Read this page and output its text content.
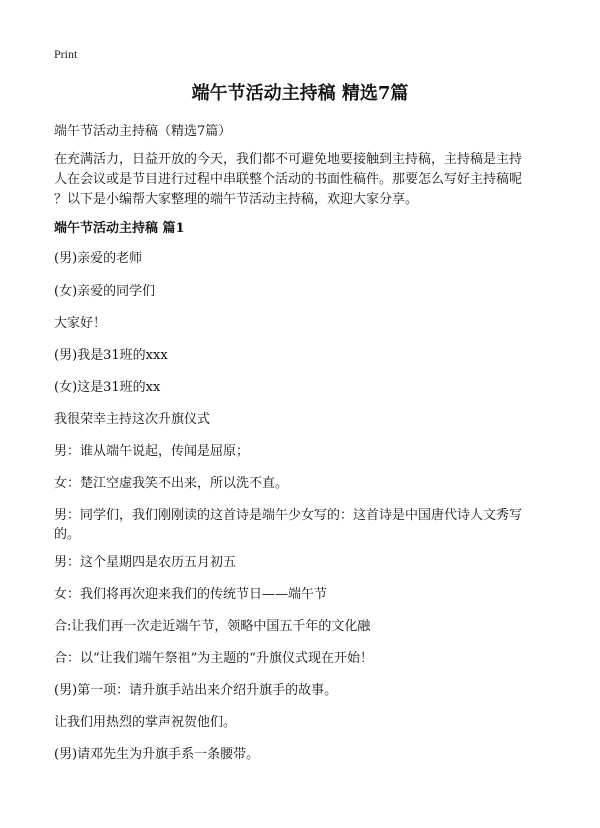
Print
端午节活动主持稿 精选7篇
端午节活动主持稿（精选7篇）
在充满活力，日益开放的今天，我们都不可避免地要接触到主持稿，主持稿是主持
人在会议或是节目进行过程中串联整个活动的书面性稿件。那要怎么写好主持稿呢
？以下是小编帮大家整理的端午节活动主持稿，欢迎大家分享。
端午节活动主持稿 篇1
(男)亲爱的老师
(女)亲爱的同学们
大家好！
(男)我是31班的xxx
(女)这是31班的xx
我很荣幸主持这次升旗仪式
男：谁从端午说起，传闻是屈原；
女：楚江空虚我笑不出来，所以洗不直。
男：同学们，我们刚刚读的这首诗是端午少女写的：这首诗是中国唐代诗人文秀写
的。
男：这个星期四是农历五月初五
女：我们将再次迎来我们的传统节日——端午节
合:让我们再一次走近端午节，领略中国五千年的文化融
合：以“让我们端午祭祖”为主题的“升旗仪式现在开始！
(男)第一项：请升旗手站出来介绍升旗手的故事。
让我们用热烈的掌声祝贺他们。
(男)请邓先生为升旗手系一条腰带。
